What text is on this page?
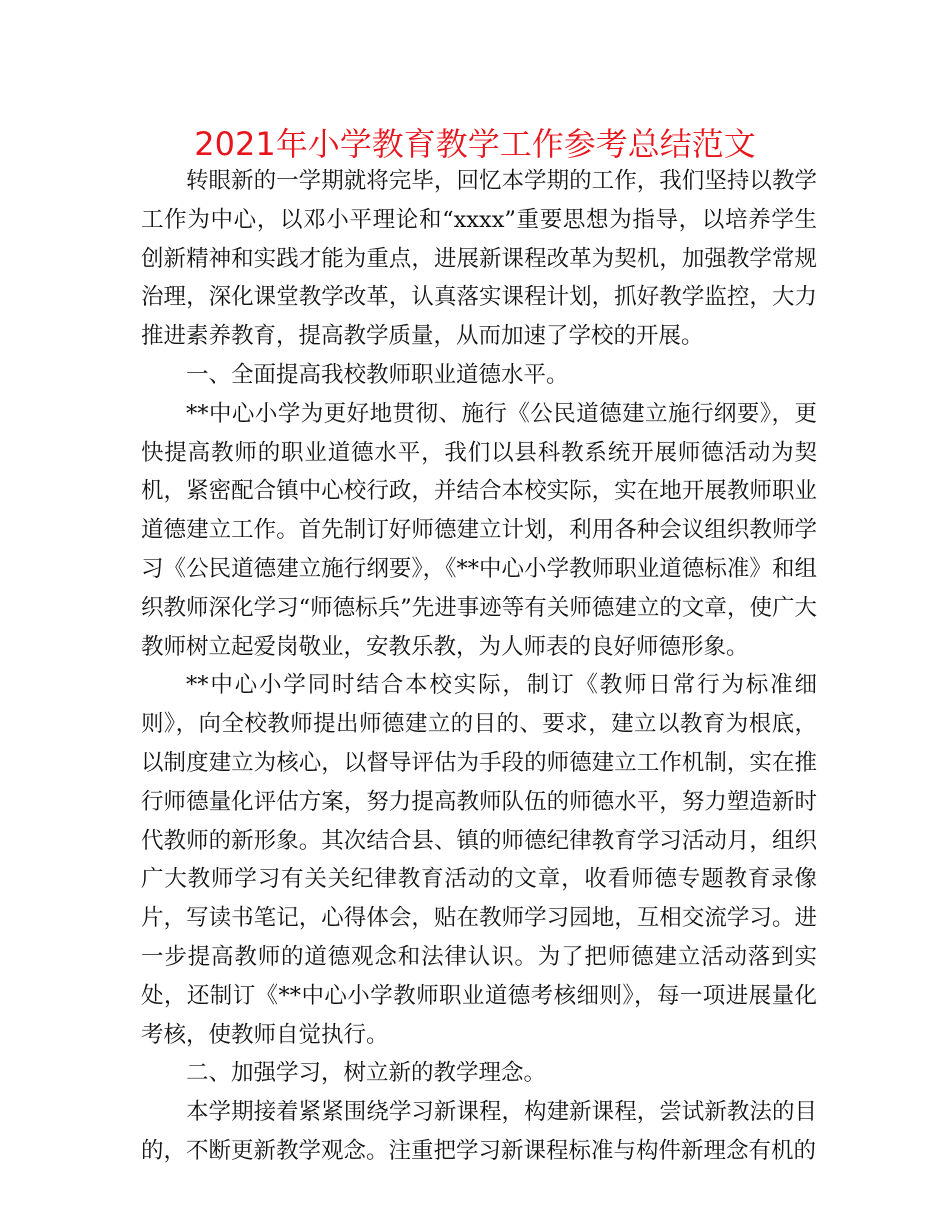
2021年小学教育教学工作参考总结范文

转眼新的一学期就将完毕，回忆本学期的工作，我们坚持以教学工作为中心，以邓小平理论和“xxxx”重要思想为指导，以培养学生创新精神和实践才能为重点，进展新课程改革为契机，加强教学常规治理，深化课堂教学改革，认真落实课程计划，抓好教学监控，大力推进素养教育，提高教学质量，从而加速了学校的开展。

一、全面提高我校教师职业道德水平。

**中心小学为更好地贯彻、施行《公民道德建立施行纲要》，更快提高教师的职业道德水平，我们以县科教系统开展师德活动为契机，紧密配合镇中心校行政，并结合本校实际，实在地开展教师职业道德建立工作。首先制订好师德建立计划，利用各种会议组织教师学习《公民道德建立施行纲要》，《**中心小学教师职业道德标准》和组织教师深化学习“师德标兵”先进事迹等有关师德建立的文章，使广大教师树立起爱岗敬业，安教乐教，为人师表的良好师德形象。

**中心小学同时结合本校实际，制订《教师日常行为标准细则》，向全校教师提出师德建立的目的、要求，建立以教育为根底，以制度建立为核心，以督导评估为手段的师德建立工作机制，实在推行师德量化评估方案，努力提高教师队伍的师德水平，努力塑造新时代教师的新形象。其次结合县、镇的师德纪律教育学习活动月，组织广大教师学习有关关纪律教育活动的文章，收看师德专题教育录像片，写读书笔记，心得体会，贴在教师学习园地，互相交流学习。进一步提高教师的道德观念和法律认识。为了把师德建立活动落到实处，还制订《**中心小学教师职业道德考核细则》，每一项进展量化考核，使教师自觉执行。

二、加强学习，树立新的教学理念。

本学期接着紧紧围绕学习新课程，构建新课程，尝试新教法的目的，不断更新教学观念。注重把学习新课程标准与构件新理念有机的
